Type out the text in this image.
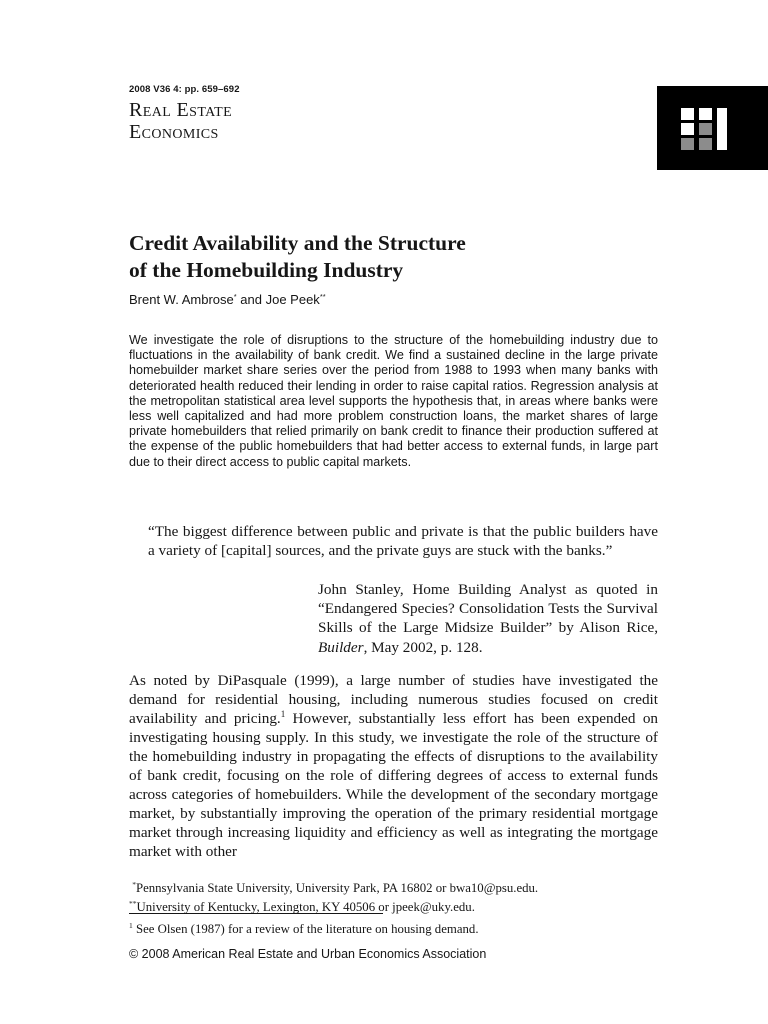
2008 V36 4: pp. 659–692
Real Estate
Economics
Credit Availability and the Structure
of the Homebuilding Industry
Brent W. Ambrose* and Joe Peek**

We investigate the role of disruptions to the structure of the homebuilding industry due to fluctuations in the availability of bank credit. We find a sustained decline in the large private homebuilder market share series over the period from 1988 to 1993 when many banks with deteriorated health reduced their lending in order to raise capital ratios. Regression analysis at the metropolitan statistical area level supports the hypothesis that, in areas where banks were less well capitalized and had more problem construction loans, the market shares of large private homebuilders that relied primarily on bank credit to finance their production suffered at the expense of the public homebuilders that had better access to external funds, in large part due to their direct access to public capital markets.

“The biggest difference between public and private is that the public builders have a variety of [capital] sources, and the private guys are stuck with the banks.”

John Stanley, Home Building Analyst as quoted in “Endangered Species? Consolidation Tests the Survival Skills of the Large Midsize Builder” by Alison Rice, Builder, May 2002, p. 128.

As noted by DiPasquale (1999), a large number of studies have investigated the demand for residential housing, including numerous studies focused on credit availability and pricing.$^1$ However, substantially less effort has been expended on investigating housing supply. In this study, we investigate the role of the structure of the homebuilding industry in propagating the effects of disruptions to the availability of bank credit, focusing on the role of differing degrees of access to external funds across categories of homebuilders. While the development of the secondary mortgage market, by substantially improving the operation of the primary residential mortgage market through increasing liquidity and efficiency as well as integrating the mortgage market with other

*Pennsylvania State University, University Park, PA 16802 or bwa10@psu.edu.
**University of Kentucky, Lexington, KY 40506 or jpeek@uky.edu.
$^1$ See Olsen (1987) for a review of the literature on housing demand.
© 2008 American Real Estate and Urban Economics Association
